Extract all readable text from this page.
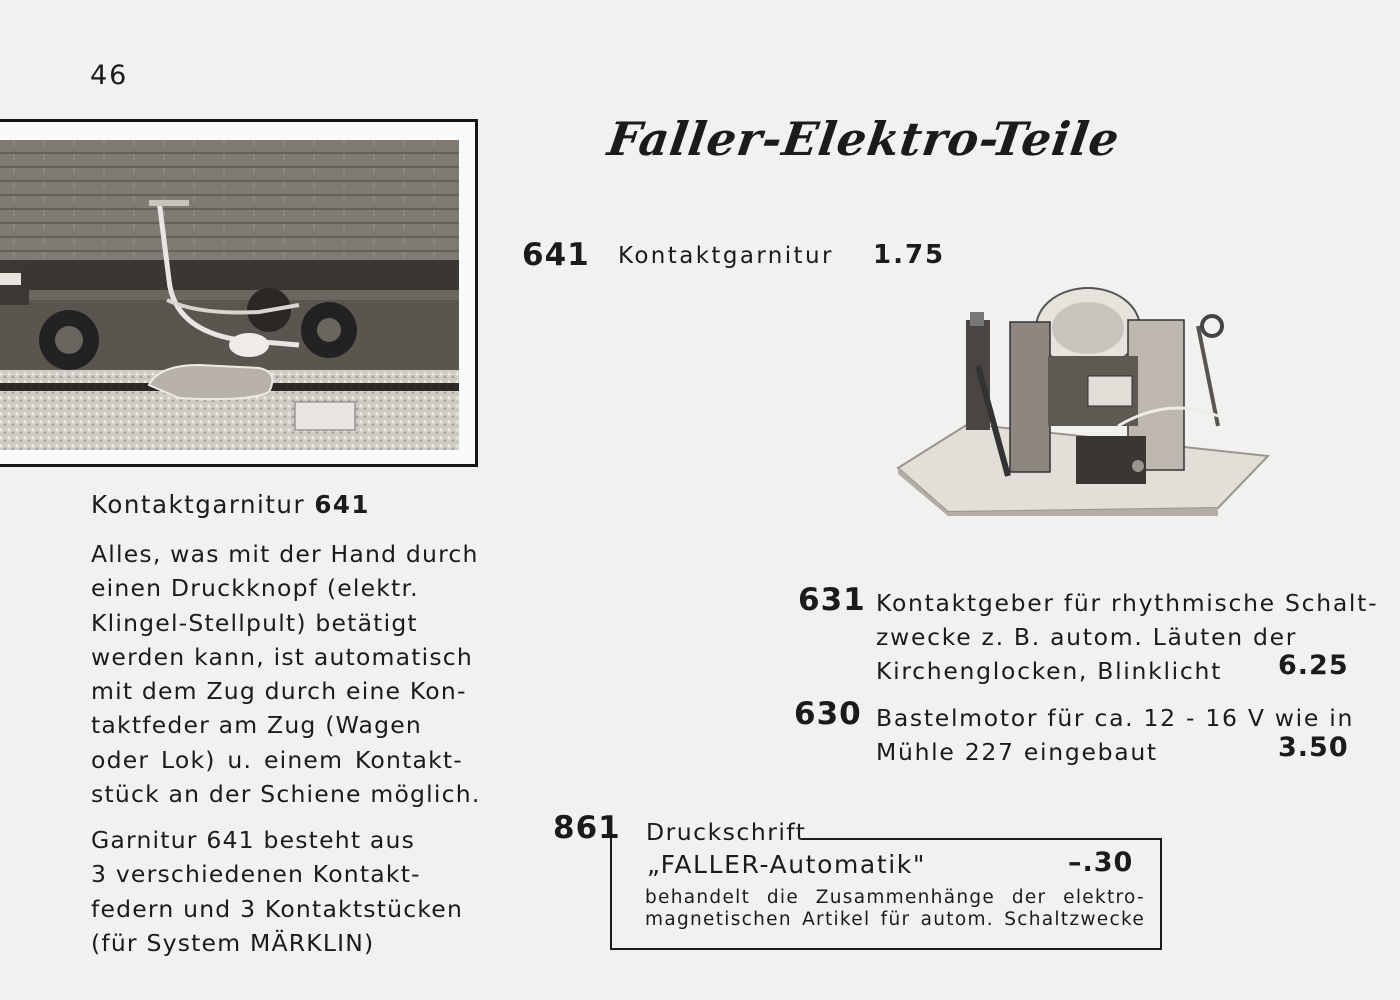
46
Faller-Elektro-Teile
641 Kontaktgarnitur 1.75
631 Kontaktgeber für rhythmische Schalt-
zwecke z. B. autom. Läuten der
Kirchenglocken, Blinklicht	6.25
630 Bastelmotor für ca. 12 - 16 V wie in
Mühle 227 eingebaut	3.50
Kontaktgarnitur 641
Alles, was mit der Hand durch
einen Druckknopf (elektr.
Klingel-Stellpult) betätigt
werden kann, ist automatisch
mit dem Zug durch eine Kon-
taktfeder am Zug (Wagen
oder Lok) u. einem Kontakt-
stück an der Schiene möglich.
Garnitur 641 besteht aus
3 verschiedenen Kontakt-
federn und 3 Kontaktstücken
(für System MÄRKLIN)
861 Druckschrift
„FALLER-Automatik"	–.30
behandelt die Zusammenhänge der elektro-
magnetischen Artikel für autom. Schaltzwecke
